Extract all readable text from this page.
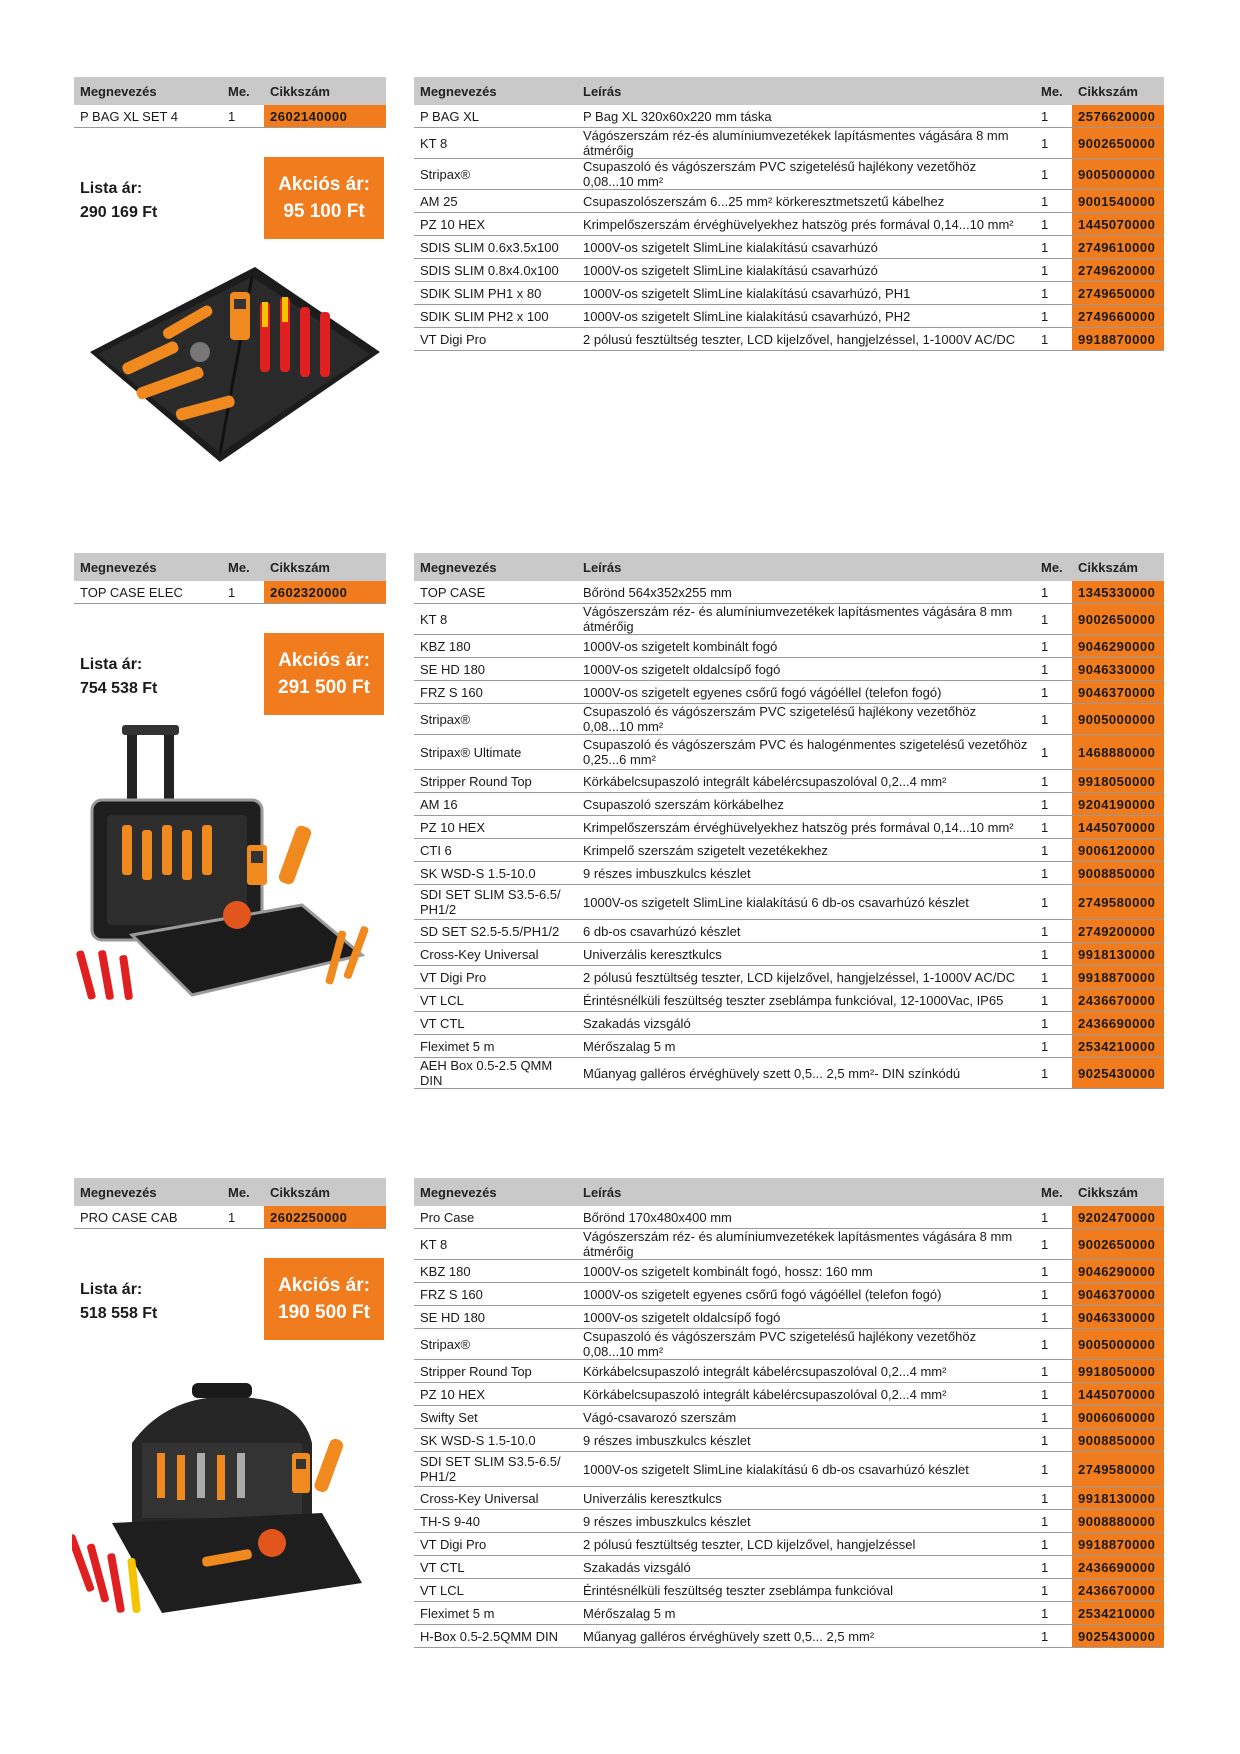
Megnevezés	Me.	Cikkszám
P BAG XL SET 4	1	2602140000
Lista ár:
290 169 Ft
Akciós ár:
95 100 Ft
Megnevezés	Leírás	Me.	Cikkszám
P BAG XL	P Bag XL 320x60x220 mm táska	1	2576620000
KT 8	Vágószerszám réz-és alumíniumvezetékek lapításmentes vágására 8 mm átmérőig	1	9002650000
Stripax®	Csupaszoló és vágószerszám PVC szigetelésű hajlékony vezetőhöz 0,08...10 mm²	1	9005000000
AM 25	Csupaszolószerszám 6...25 mm² körkeresztmetszetű kábelhez	1	9001540000
PZ 10 HEX	Krimpelőszerszám érvéghüvelyekhez hatszög prés formával 0,14...10 mm²	1	1445070000
SDIS SLIM 0.6x3.5x100	1000V-os szigetelt SlimLine kialakítású csavarhúzó	1	2749610000
SDIS SLIM 0.8x4.0x100	1000V-os szigetelt SlimLine kialakítású csavarhúzó	1	2749620000
SDIK SLIM PH1 x 80	1000V-os szigetelt SlimLine kialakítású csavarhúzó, PH1	1	2749650000
SDIK SLIM PH2 x 100	1000V-os szigetelt SlimLine kialakítású csavarhúzó, PH2	1	2749660000
VT Digi Pro	2 pólusú fesztültség teszter, LCD kijelzővel, hangjelzéssel, 1-1000V AC/DC	1	9918870000
Megnevezés	Me.	Cikkszám
TOP CASE ELEC	1	2602320000
Lista ár:
754 538 Ft
Akciós ár:
291 500 Ft
Megnevezés	Leírás	Me.	Cikkszám
TOP CASE	Bőrönd 564x352x255 mm	1	1345330000
KT 8	Vágószerszám réz- és alumíniumvezetékek lapításmentes vágására 8 mm átmérőig	1	9002650000
KBZ 180	1000V-os szigetelt kombinált fogó	1	9046290000
SE HD 180	1000V-os szigetelt oldalcsípő fogó	1	9046330000
FRZ S 160	1000V-os szigetelt egyenes csőrű fogó vágóéllel (telefon fogó)	1	9046370000
Stripax®	Csupaszoló és vágószerszám PVC szigetelésű hajlékony vezetőhöz 0,08...10 mm²	1	9005000000
Stripax® Ultimate	Csupaszoló és vágószerszám PVC és halogénmentes szigetelésű vezetőhöz 0,25...6 mm²	1	1468880000
Stripper Round Top	Körkábelcsupaszoló integrált kábelércsupaszolóval 0,2...4 mm²	1	9918050000
AM 16	Csupaszoló szerszám körkábelhez	1	9204190000
PZ 10 HEX	Krimpelőszerszám érvéghüvelyekhez hatszög prés formával 0,14...10 mm²	1	1445070000
CTI 6	Krimpelő szerszám szigetelt vezetékekhez	1	9006120000
SK WSD-S 1.5-10.0	9 részes imbuszkulcs készlet	1	9008850000
SDI SET SLIM S3.5-6.5/ PH1/2	1000V-os szigetelt SlimLine kialakítású 6 db-os csavarhúzó készlet	1	2749580000
SD SET S2.5-5.5/PH1/2	6 db-os csavarhúzó készlet	1	2749200000
Cross-Key Universal	Univerzális keresztkulcs	1	9918130000
VT Digi Pro	2 pólusú fesztültség teszter, LCD kijelzővel, hangjelzéssel, 1-1000V AC/DC	1	9918870000
VT LCL	Érintésnélküli feszültség teszter zseblámpa funkcióval, 12-1000Vac, IP65	1	2436670000
VT CTL	Szakadás vizsgáló	1	2436690000
Fleximet 5 m	Mérőszalag 5 m	1	2534210000
AEH Box 0.5-2.5 QMM DIN	Műanyag galléros érvéghüvely szett 0,5... 2,5 mm²- DIN színkódú	1	9025430000
Megnevezés	Me.	Cikkszám
PRO CASE CAB	1	2602250000
Lista ár:
518 558 Ft
Akciós ár:
190 500 Ft
Megnevezés	Leírás	Me.	Cikkszám
Pro Case	Bőrönd 170x480x400 mm	1	9202470000
KT 8	Vágószerszám réz- és alumíniumvezetékek lapításmentes vágására 8 mm átmérőig	1	9002650000
KBZ 180	1000V-os szigetelt kombinált fogó, hossz: 160 mm	1	9046290000
FRZ S 160	1000V-os szigetelt egyenes csőrű fogó vágóéllel (telefon fogó)	1	9046370000
SE HD 180	1000V-os szigetelt oldalcsípő fogó	1	9046330000
Stripax®	Csupaszoló és vágószerszám PVC szigetelésű hajlékony vezetőhöz 0,08...10 mm²	1	9005000000
Stripper Round Top	Körkábelcsupaszoló integrált kábelércsupaszolóval 0,2...4 mm²	1	9918050000
PZ 10 HEX	Körkábelcsupaszoló integrált kábelércsupaszolóval 0,2...4 mm²	1	1445070000
Swifty Set	Vágó-csavarozó szerszám	1	9006060000
SK WSD-S 1.5-10.0	9 részes imbuszkulcs készlet	1	9008850000
SDI SET SLIM S3.5-6.5/ PH1/2	1000V-os szigetelt SlimLine kialakítású 6 db-os csavarhúzó készlet	1	2749580000
Cross-Key Universal	Univerzális keresztkulcs	1	9918130000
TH-S 9-40	9 részes imbuszkulcs készlet	1	9008880000
VT Digi Pro	2 pólusú fesztültség teszter, LCD kijelzővel, hangjelzéssel	1	9918870000
VT CTL	Szakadás vizsgáló	1	2436690000
VT LCL	Érintésnélküli feszültség teszter zseblámpa funkcióval	1	2436670000
Fleximet 5 m	Mérőszalag 5 m	1	2534210000
H-Box 0.5-2.5QMM DIN	Műanyag galléros érvéghüvely szett 0,5... 2,5 mm²	1	9025430000
